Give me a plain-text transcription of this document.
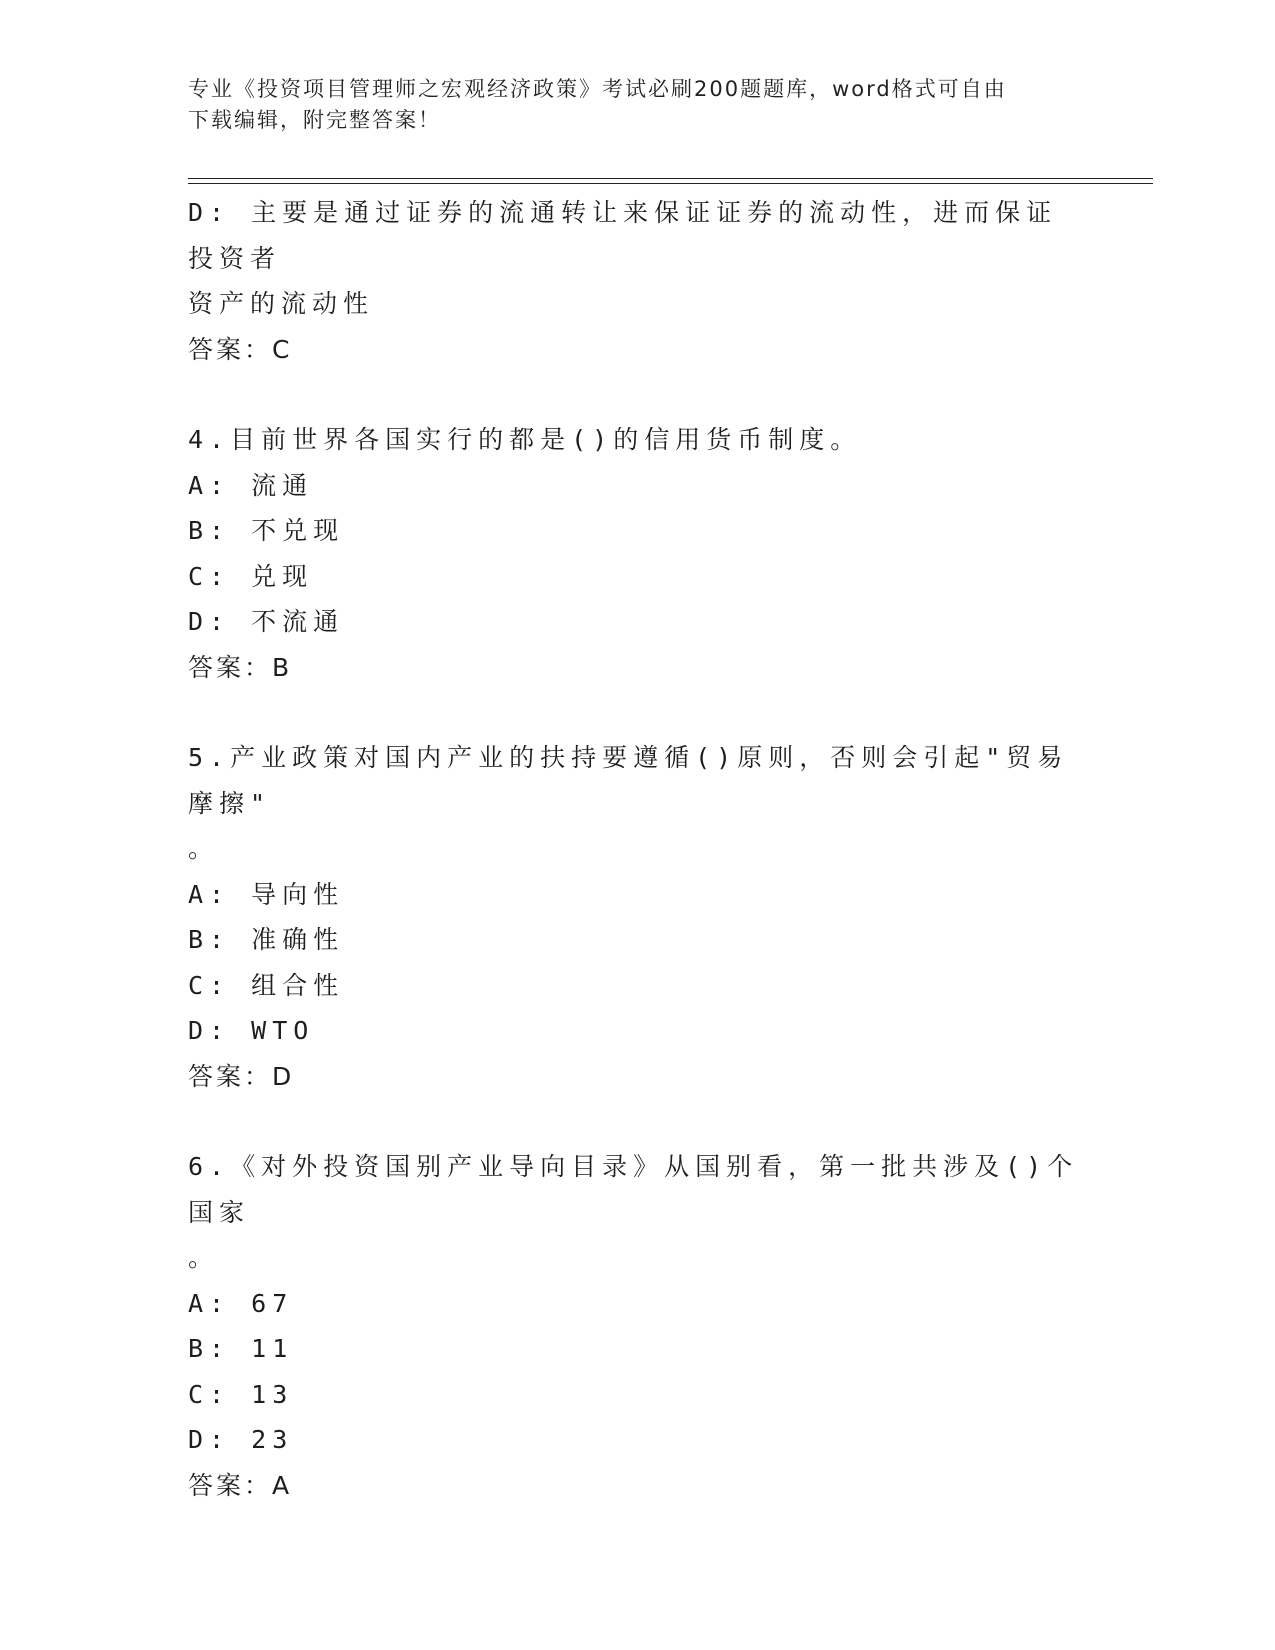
专业《投资项目管理师之宏观经济政策》考试必刷200题题库，word格式可自由
下载编辑，附完整答案！
D: 主要是通过证券的流通转让来保证证券的流动性，进而保证投资者
资产的流动性
答案：C
4.目前世界各国实行的都是()的信用货币制度。
A: 流通
B: 不兑现
C: 兑现
D: 不流通
答案：B
5.产业政策对国内产业的扶持要遵循()原则，否则会引起"贸易摩擦"
。
A: 导向性
B: 准确性
C: 组合性
D: WTO
答案：D
6.《对外投资国别产业导向目录》从国别看，第一批共涉及()个国家
。
A: 67
B: 11
C: 13
D: 23
答案：A
